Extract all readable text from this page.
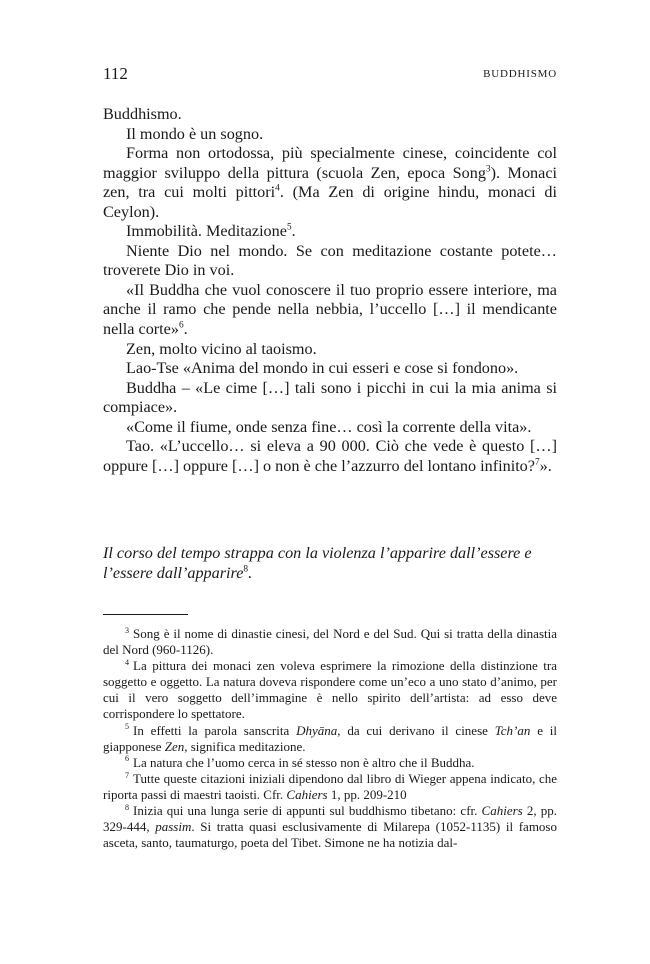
112	BUDDHISMO

Buddhismo.

Il mondo è un sogno.

Forma non ortodossa, più specialmente cinese, coincidente col maggior sviluppo della pittura (scuola Zen, epoca Song$^3$). Monaci zen, tra cui molti pittori$^4$. (Ma Zen di origine hindu, monaci di Ceylon).

Immobilità. Meditazione$^5$.

Niente Dio nel mondo. Se con meditazione costante potete… troverete Dio in voi.

«Il Buddha che vuol conoscere il tuo proprio essere interiore, ma anche il ramo che pende nella nebbia, l’uccello […] il mendicante nella corte»$^6$.

Zen, molto vicino al taoismo.

Lao-Tse «Anima del mondo in cui esseri e cose si fondono».

Buddha – «Le cime […] tali sono i picchi in cui la mia anima si compiace».

«Come il fiume, onde senza fine… così la corrente della vita».

Tao. «L’uccello… si eleva a 90 000. Ciò che vede è questo […] oppure […] oppure […] o non è che l’azzurro del lontano infinito?$^7$».

Il corso del tempo strappa con la violenza l’apparire dall’essere e l’essere dall’apparire$^8$.

$^3$ Song è il nome di dinastie cinesi, del Nord e del Sud. Qui si tratta della dinastia del Nord (960-1126).

$^4$ La pittura dei monaci zen voleva esprimere la rimozione della distinzione tra soggetto e oggetto. La natura doveva rispondere come un’eco a uno stato d’animo, per cui il vero soggetto dell’immagine è nello spirito dell’artista: ad esso deve corrispondere lo spettatore.

$^5$ In effetti la parola sanscrita Dhyāna, da cui derivano il cinese Tch’an e il giapponese Zen, significa meditazione.

$^6$ La natura che l’uomo cerca in sé stesso non è altro che il Buddha.

$^7$ Tutte queste citazioni iniziali dipendono dal libro di Wieger appena indicato, che riporta passi di maestri taoisti. Cfr. Cahiers 1, pp. 209-210

$^8$ Inizia qui una lunga serie di appunti sul buddhismo tibetano: cfr. Cahiers 2, pp. 329-444, passim. Si tratta quasi esclusivamente di Milarepa (1052-1135) il famoso asceta, santo, taumaturgo, poeta del Tibet. Simone ne ha notizia dal-
